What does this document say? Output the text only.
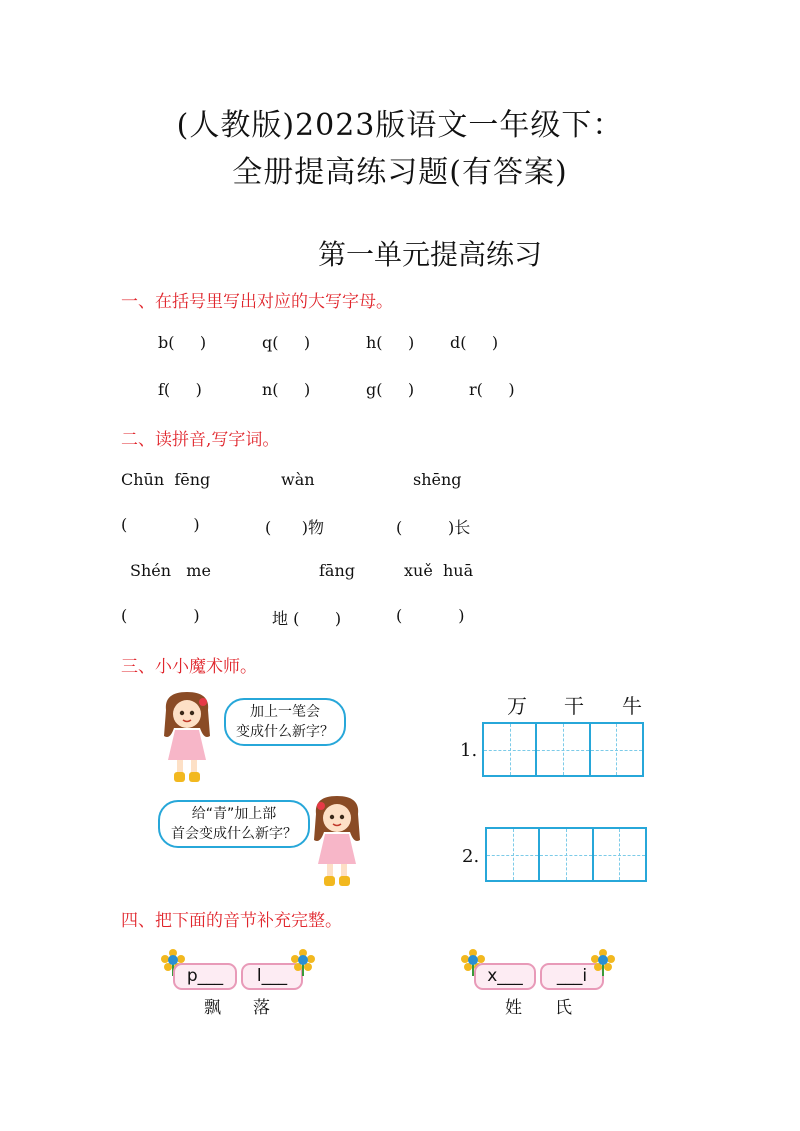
(人教版)2023版语文一年级下：
全册提高练习题(有答案)
第一单元提高练习
一、在括号里写出对应的大写字母。
b(     )	q(     )	h(     ) d(     )
f(     )	n(     )	g(     )	r(     )
二、读拼音,写字词。
Chūn  fēng	wàn	shēng
(             )	(      )物	(         )长
Shén   me	fāng	xuě  huā
(             )	地 (       )	(           )
三、小小魔术师。
加上一笔会
变成什么新字？
给“青”加上部
首会变成什么新字？
万 干 牛
1.
2.
四、把下面的音节补充完整。
p___	l___
飘 落
x___	___i
姓 氏
